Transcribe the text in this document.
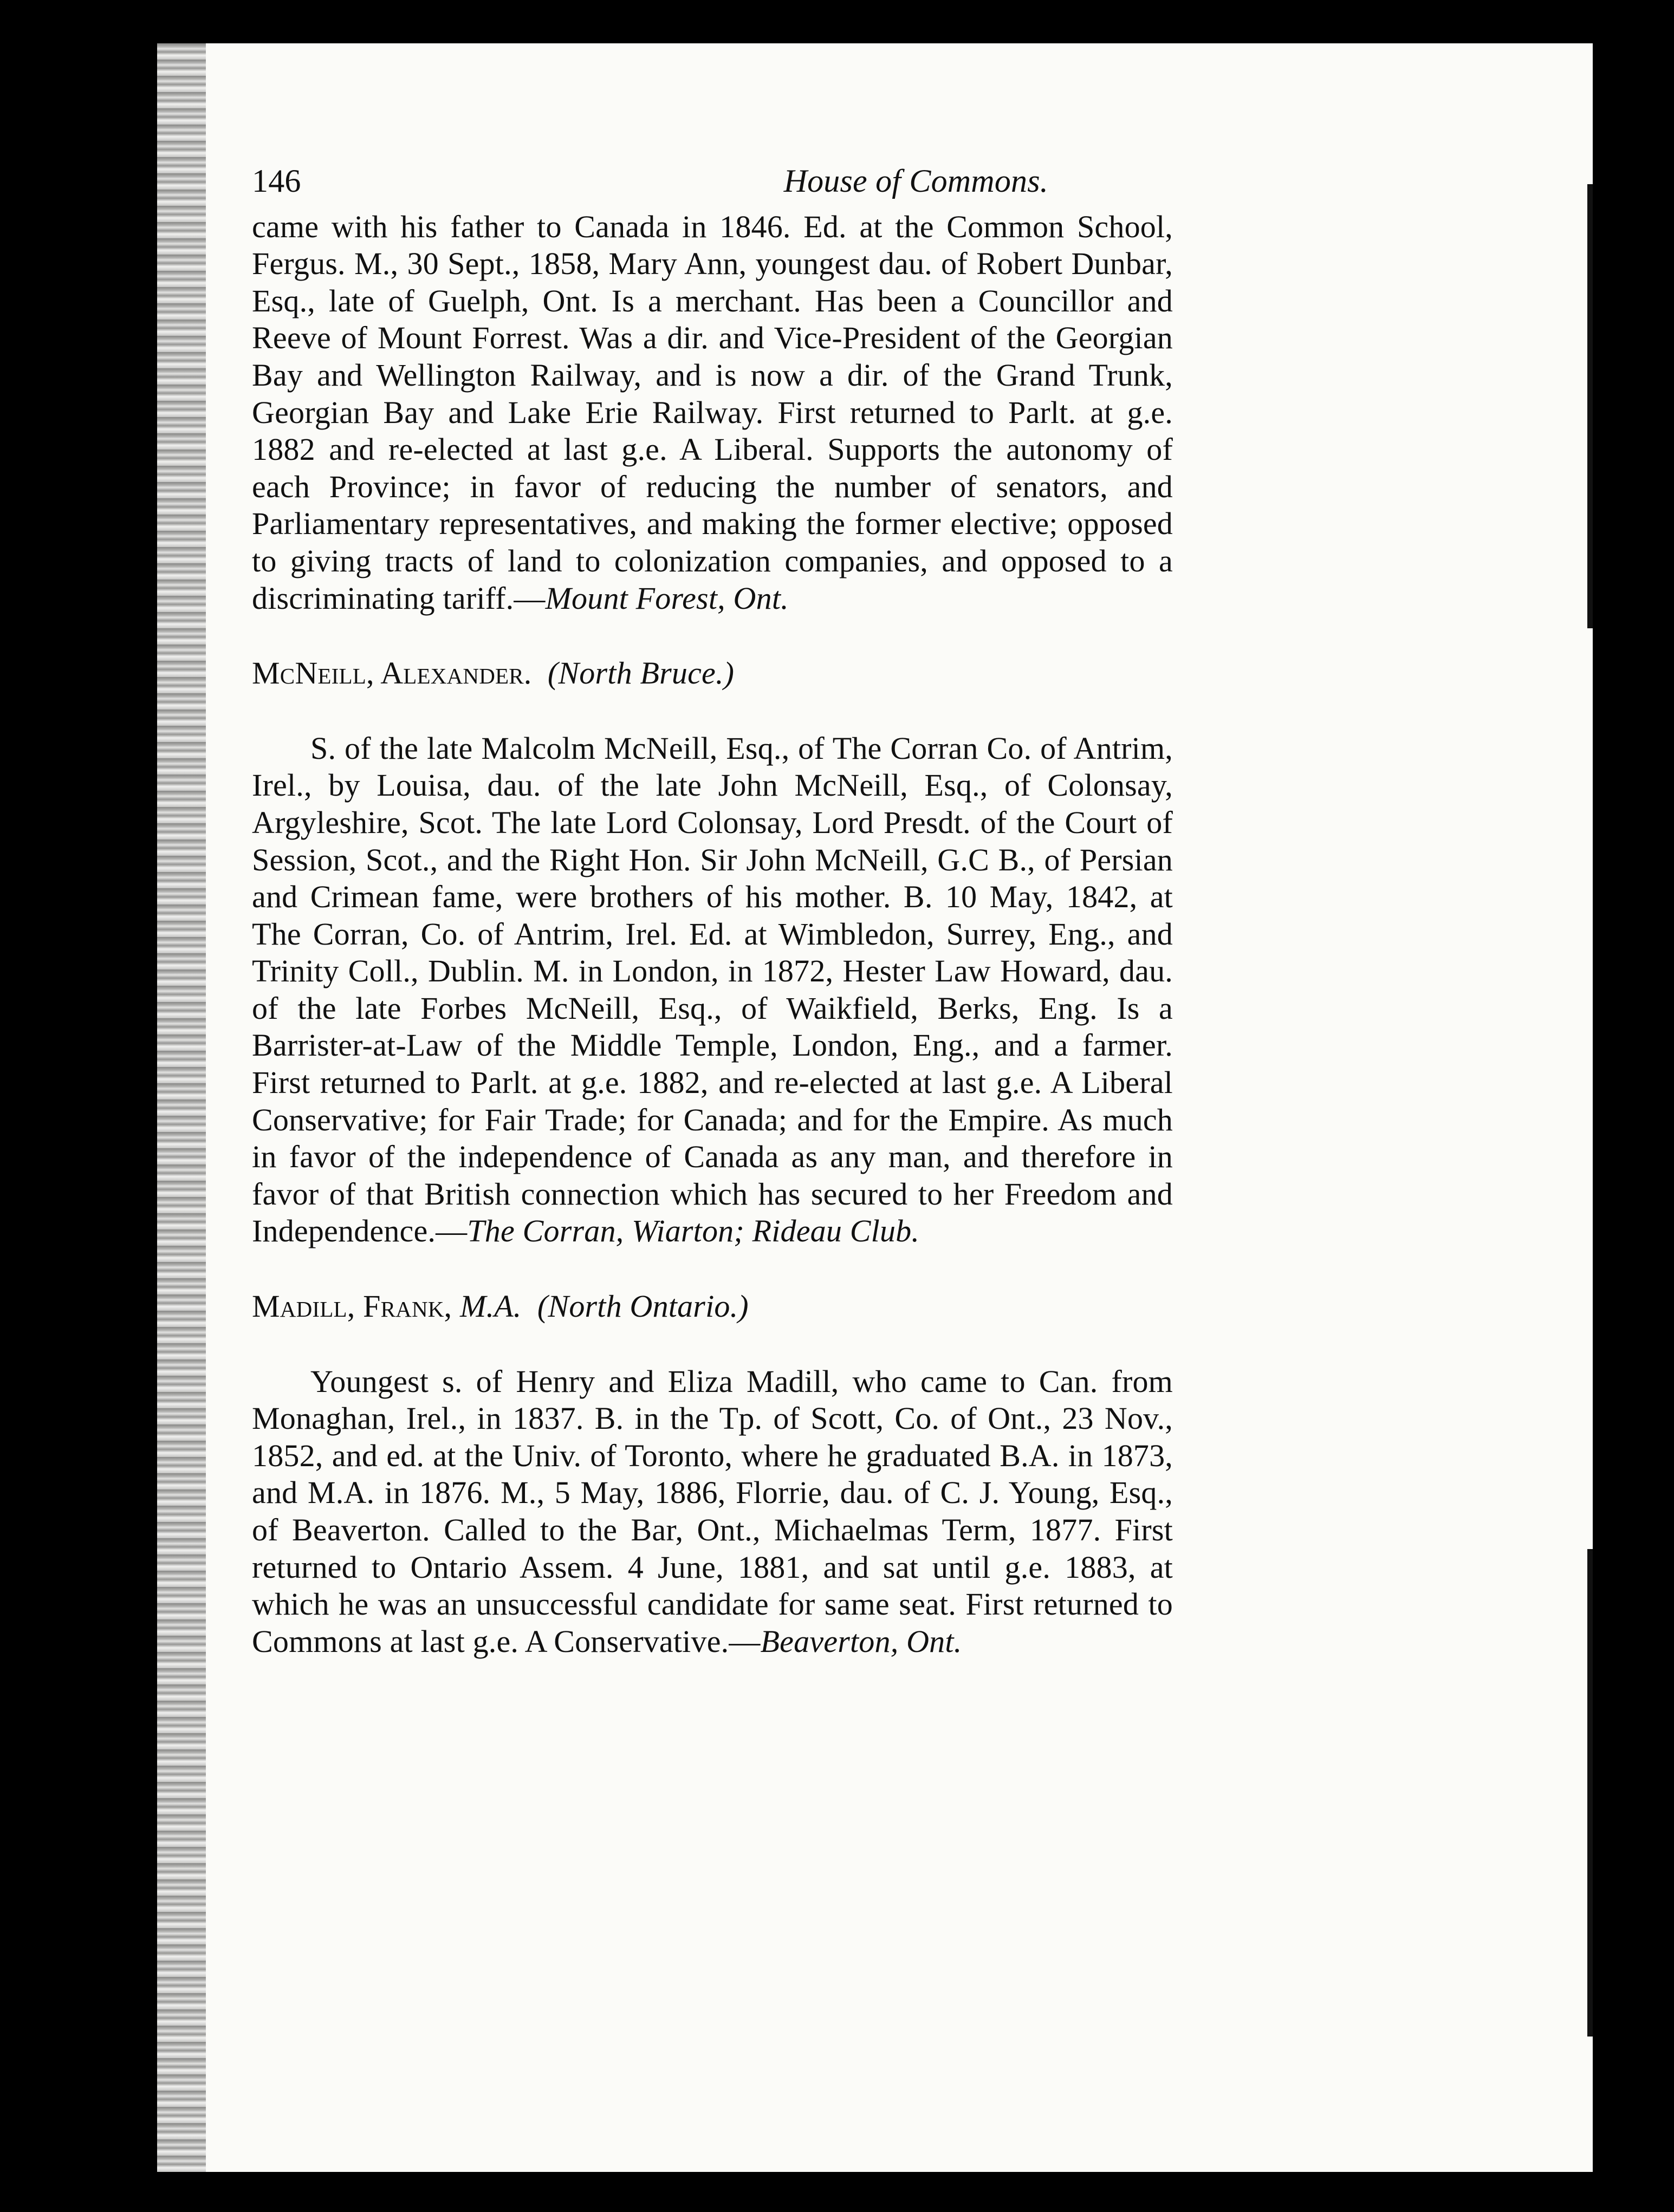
146	House of Commons.

came with his father to Canada in 1846. Ed. at the Common School, Fergus. M., 30 Sept., 1858, Mary Ann, youngest dau. of Robert Dunbar, Esq., late of Guelph, Ont. Is a merchant. Has been a Councillor and Reeve of Mount Forrest. Was a dir. and Vice-President of the Georgian Bay and Wellington Railway, and is now a dir. of the Grand Trunk, Georgian Bay and Lake Erie Railway. First returned to Parlt. at g.e. 1882 and re-elected at last g.e. A Liberal. Supports the autonomy of each Province; in favor of reducing the number of senators, and Parliamentary representatives, and making the former elective; opposed to giving tracts of land to colonization companies, and opposed to a discriminating tariff.—Mount Forest, Ont.

McNeill, Alexander. (North Bruce.)

S. of the late Malcolm McNeill, Esq., of The Corran Co. of Antrim, Irel., by Louisa, dau. of the late John McNeill, Esq., of Colonsay, Argyleshire, Scot. The late Lord Colonsay, Lord Presdt. of the Court of Session, Scot., and the Right Hon. Sir John McNeill, G.C B., of Persian and Crimean fame, were brothers of his mother. B. 10 May, 1842, at The Corran, Co. of Antrim, Irel. Ed. at Wimbledon, Surrey, Eng., and Trinity Coll., Dublin. M. in London, in 1872, Hester Law Howard, dau. of the late Forbes McNeill, Esq., of Waikfield, Berks, Eng. Is a Barrister-at-Law of the Middle Temple, London, Eng., and a farmer. First returned to Parlt. at g.e. 1882, and re-elected at last g.e. A Liberal Conservative; for Fair Trade; for Canada; and for the Empire. As much in favor of the independence of Canada as any man, and therefore in favor of that British connection which has secured to her Freedom and Independence.—The Corran, Wiarton; Rideau Club.

Madill, Frank, M.A. (North Ontario.)

Youngest s. of Henry and Eliza Madill, who came to Can. from Monaghan, Irel., in 1837. B. in the Tp. of Scott, Co. of Ont., 23 Nov., 1852, and ed. at the Univ. of Toronto, where he graduated B.A. in 1873, and M.A. in 1876. M., 5 May, 1886, Florrie, dau. of C. J. Young, Esq., of Beaverton. Called to the Bar, Ont., Michaelmas Term, 1877. First returned to Ontario Assem. 4 June, 1881, and sat until g.e. 1883, at which he was an unsuccessful candidate for same seat. First returned to Commons at last g.e. A Conservative.—Beaverton, Ont.
